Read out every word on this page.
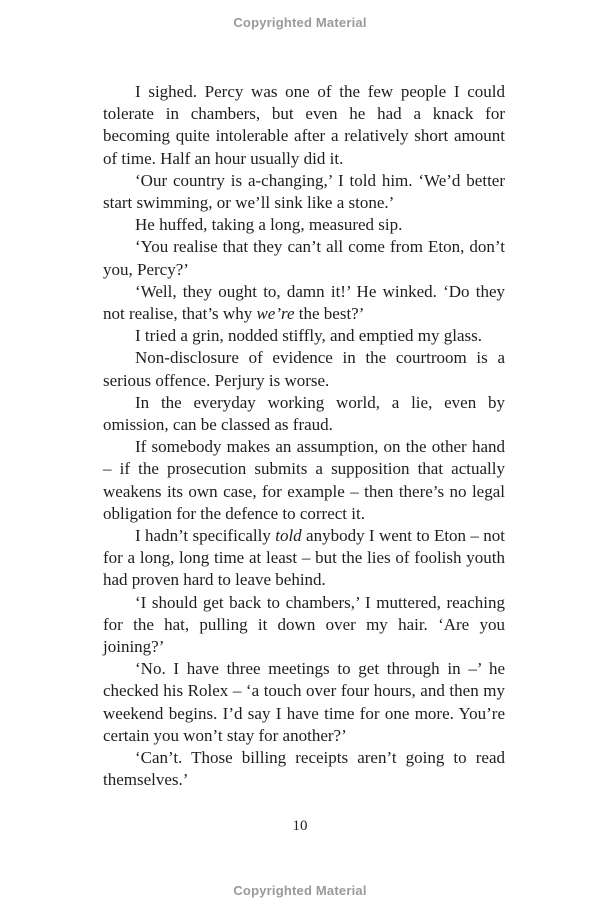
Copyrighted Material

I sighed. Percy was one of the few people I could tolerate in chambers, but even he had a knack for becoming quite intolerable after a relatively short amount of time. Half an hour usually did it.

‘Our country is a-changing,’ I told him. ‘We’d better start swimming, or we’ll sink like a stone.’

He huffed, taking a long, measured sip.

‘You realise that they can’t all come from Eton, don’t you, Percy?’

‘Well, they ought to, damn it!’ He winked. ‘Do they not realise, that’s why we’re the best?’

I tried a grin, nodded stiffly, and emptied my glass.

Non-disclosure of evidence in the courtroom is a serious offence. Perjury is worse.

In the everyday working world, a lie, even by omission, can be classed as fraud.

If somebody makes an assumption, on the other hand – if the prosecution submits a supposition that actually weakens its own case, for example – then there’s no legal obligation for the defence to correct it.

I hadn’t specifically told anybody I went to Eton – not for a long, long time at least – but the lies of foolish youth had proven hard to leave behind.

‘I should get back to chambers,’ I muttered, reaching for the hat, pulling it down over my hair. ‘Are you joining?’

‘No. I have three meetings to get through in –’ he checked his Rolex – ‘a touch over four hours, and then my weekend begins. I’d say I have time for one more. You’re certain you won’t stay for another?’

‘Can’t. Those billing receipts aren’t going to read themselves.’

10
Copyrighted Material
